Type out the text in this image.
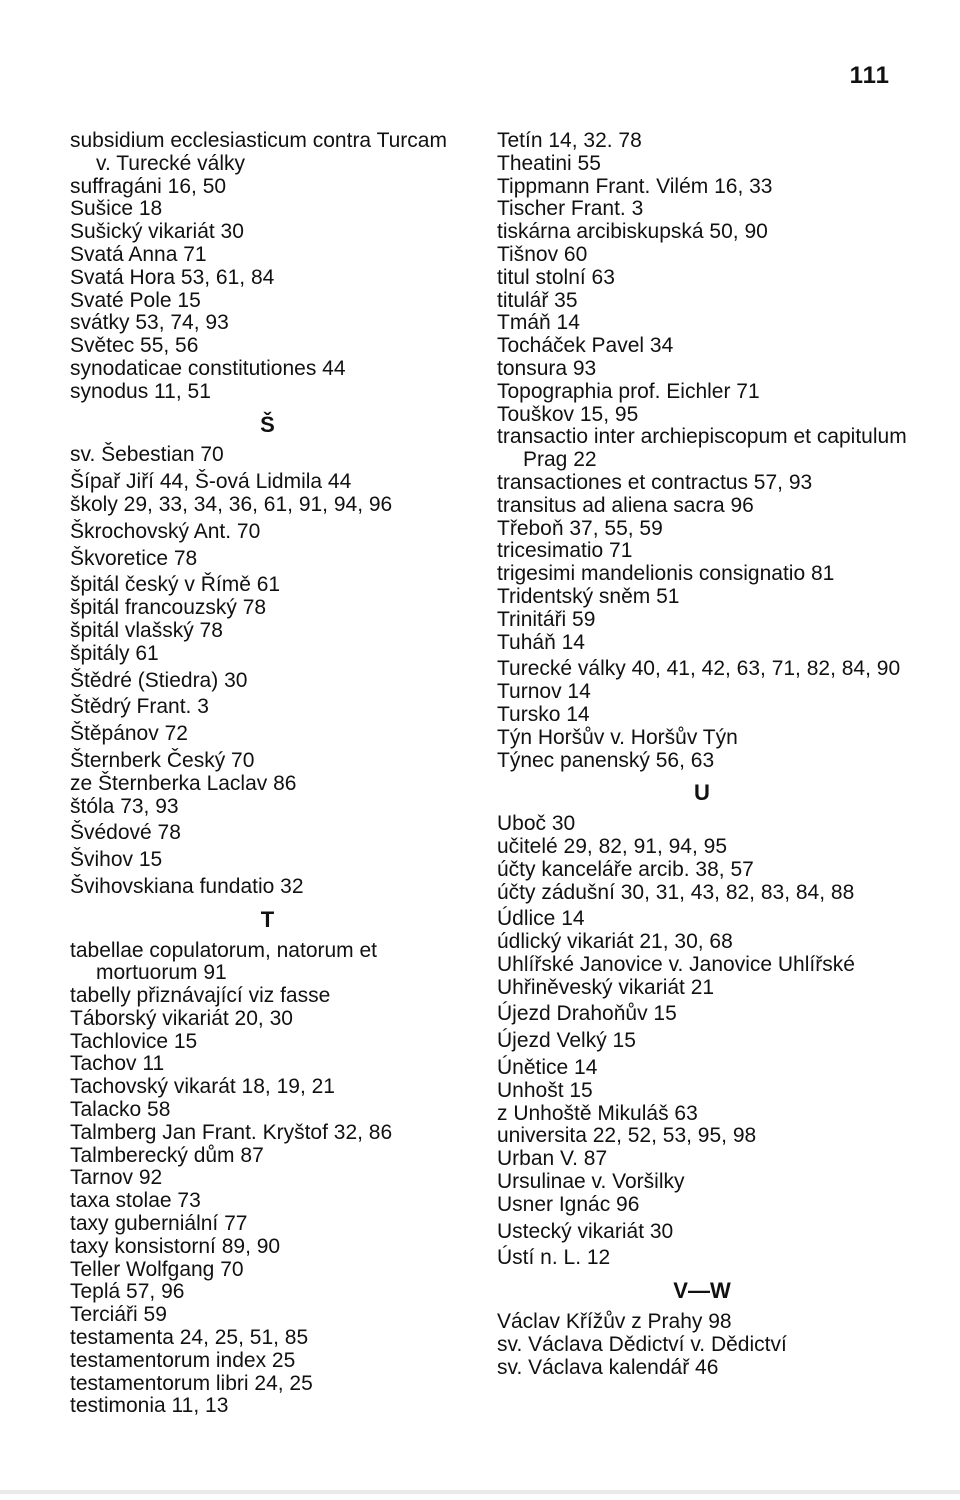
111
subsidium ecclesiasticum contra Turcam v. Turecké války
suffragáni 16, 50
Sušice 18
Sušický vikariát 30
Svatá Anna 71
Svatá Hora 53, 61, 84
Svaté Pole 15
svátky 53, 74, 93
Světec 55, 56
synodaticae constitutiones 44
synodus 11, 51
Š
sv. Šebestian 70
Šípař Jiří 44, Š-ová Lidmila 44
školy 29, 33, 34, 36, 61, 91, 94, 96
Škrochovský Ant. 70
Škvoretice 78
špitál český v Římě 61
špitál francouzský 78
špitál vlašský 78
špitály 61
Štědré (Stiedra) 30
Štědrý Frant. 3
Štěpánov 72
Šternberk Český 70
ze Šternberka Laclav 86
štóla 73, 93
Švédové 78
Švihov 15
Švihovskiana fundatio 32
T
tabellae copulatorum, natorum et mortuorum 91
tabelly přiznávající viz fasse
Táborský vikariát 20, 30
Tachlovice 15
Tachov 11
Tachovský vikarát 18, 19, 21
Talacko 58
Talmberg Jan Frant. Kryštof 32, 86
Talmberecký dům 87
Tarnov 92
taxa stolae 73
taxy guberniální 77
taxy konsistorní 89, 90
Teller Wolfgang 70
Teplá 57, 96
Terciáři 59
testamenta 24, 25, 51, 85
testamentorum index 25
testamentorum libri 24, 25
testimonia 11, 13
Tetín 14, 32. 78
Theatini 55
Tippmann Frant. Vilém 16, 33
Tischer Frant. 3
tiskárna arcibiskupská 50, 90
Tišnov 60
titul stolní 63
titulář 35
Tmáň 14
Tocháček Pavel 34
tonsura 93
Topographia prof. Eichler 71
Touškov 15, 95
transactio inter archiepiscopum et capitulum Prag 22
transactiones et contractus 57, 93
transitus ad aliena sacra 96
Třeboň 37, 55, 59
tricesimatio 71
trigesimi mandelionis consignatio 81
Tridentský sněm 51
Trinitáři 59
Tuháň 14
Turecké války 40, 41, 42, 63, 71, 82, 84, 90
Turnov 14
Tursko 14
Týn Horšův v. Horšův Týn
Týnec panenský 56, 63
U
Uboč 30
učitelé 29, 82, 91, 94, 95
účty kanceláře arcib. 38, 57
účty zádušní 30, 31, 43, 82, 83, 84, 88
Údlice 14
údlický vikariát 21, 30, 68
Uhlířské Janovice v. Janovice Uhlířské
Uhřiněveský vikariát 21
Újezd Drahoňův 15
Újezd Velký 15
Únětice 14
Unhošt 15
z Unhoště Mikuláš 63
universita 22, 52, 53, 95, 98
Urban V. 87
Ursulinae v. Voršilky
Usner Ignác 96
Ustecký vikariát 30
Ústí n. L. 12
V—W
Václav Křížův z Prahy 98
sv. Václava Dědictví v. Dědictví
sv. Václava kalendář 46
